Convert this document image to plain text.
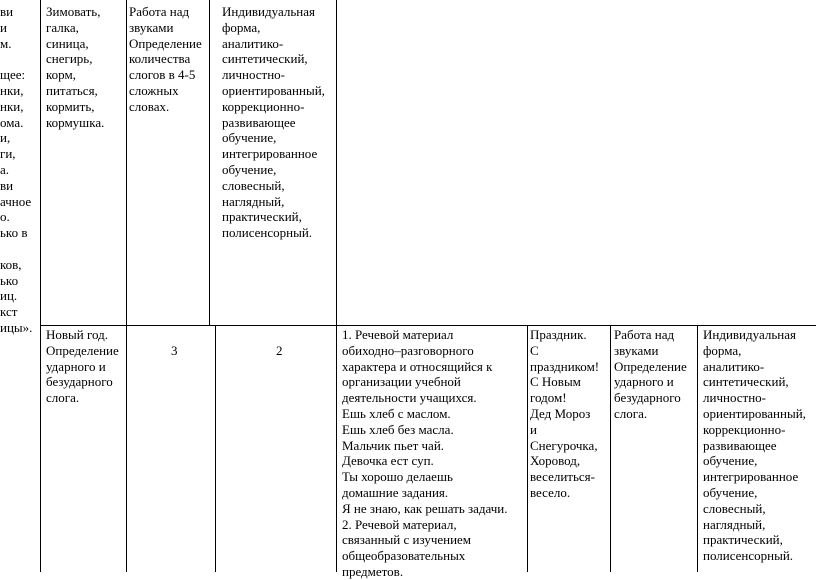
ви
и
м.

щее:
нки,
нки,
ома.
и,
ги,
а.
ви
ачное
о.
ько в

ков,
ько
иц.
кст
ицы».
Зимовать,
галка,
синица,
снегирь,
корм,
питаться,
кормить,
кормушка.
Работа над
звуками
Определение
количества
слогов в 4-5
сложных
словах.
Индивидуальная
форма,
аналитико-
синтетический,
личностно-
ориентированный,
коррекционно-
развивающее
обучение,
интегрированное
обучение,
словесный,
наглядный,
практический,
полисенсорный.
Новый год.
Определение
ударного и
безударного
слога.

3	2

1. Речевой материал
обиходно–разговорного
характера и относящийся к
организации учебной
деятельности учащихся.
Ешь хлеб с маслом.
Ешь хлеб без масла.
Мальчик пьет чай.
Девочка ест суп.
Ты хорошо делаешь
домашние задания.
Я не знаю, как решать задачи.
2. Речевой материал,
связанный с изучением
общеобразовательных
предметов.
Праздник.
С
праздником!
С Новым
годом!
Дед Мороз
и
Снегурочка,
Хоровод,
веселиться-
весело.
Работа над
звуками
Определение
ударного и
безударного
слога.
Индивидуальная
форма,
аналитико-
синтетический,
личностно-
ориентированный,
коррекционно-
развивающее
обучение,
интегрированное
обучение,
словесный,
наглядный,
практический,
полисенсорный.
